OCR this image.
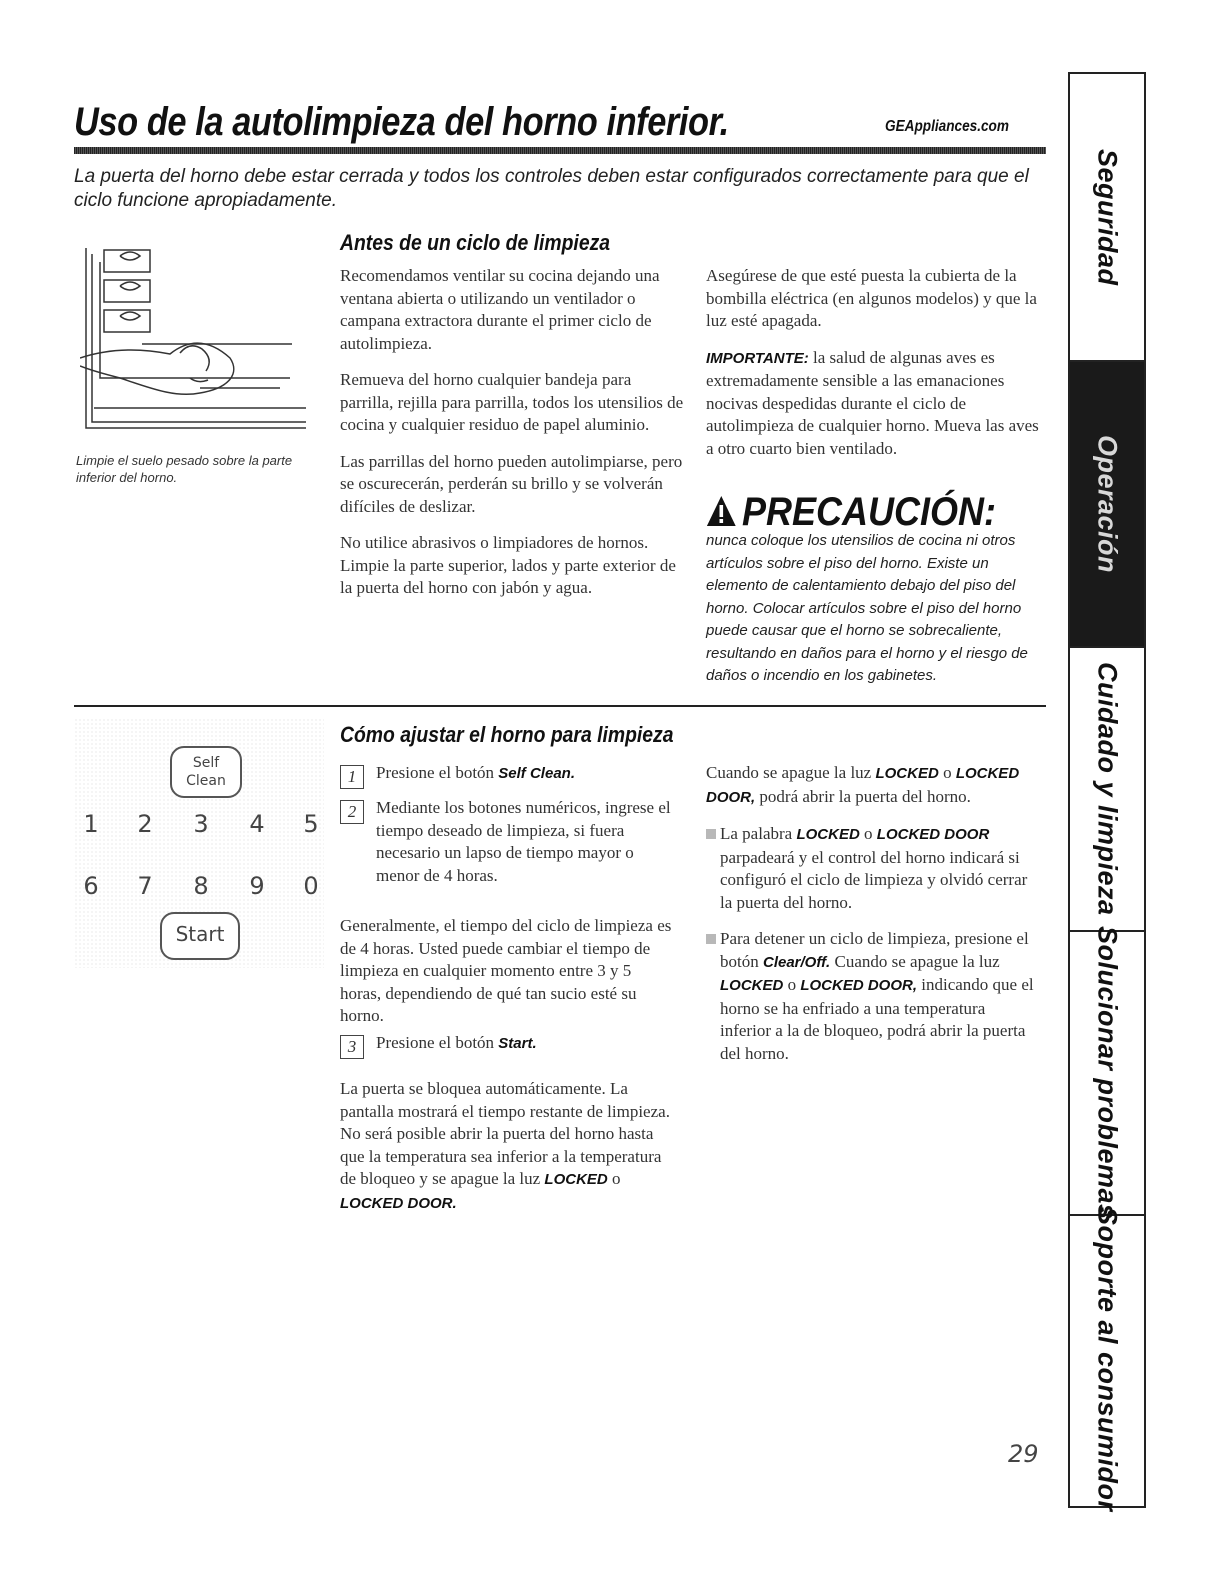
Uso de la autolimpieza del horno inferior.	GEAppliances.com
La puerta del horno debe estar cerrada y todos los controles deben estar configurados correctamente para que el ciclo funcione apropiadamente.
Limpie el suelo pesado sobre la parte inferior del horno.
Antes de un ciclo de limpieza

Recomendamos ventilar su cocina dejando una ventana abierta o utilizando un ventilador o campana extractora durante el primer ciclo de autolimpieza.

Remueva del horno cualquier bandeja para parrilla, rejilla para parrilla, todos los utensilios de cocina y cualquier residuo de papel aluminio.

Las parrillas del horno pueden autolimpiarse, pero se oscurecerán, perderán su brillo y se volverán difíciles de deslizar.

No utilice abrasivos o limpiadores de hornos. Limpie la parte superior, lados y parte exterior de la puerta del horno con jabón y agua.

Asegúrese de que esté puesta la cubierta de la bombilla eléctrica (en algunos modelos) y que la luz esté apagada.

IMPORTANTE: la salud de algunas aves es extremadamente sensible a las emanaciones nocivas despedidas durante el ciclo de autolimpieza de cualquier horno. Mueva las aves a otro cuarto bien ventilado.

PRECAUCIÓN:
nunca coloque los utensilios de cocina ni otros artículos sobre el piso del horno. Existe un elemento de calentamiento debajo del piso del horno. Colocar artículos sobre el piso del horno puede causar que el horno se sobrecaliente, resultando en daños para el horno y el riesgo de daños o incendio en los gabinetes.
Self
Clean
1	2	3	4	5
6	7	8	9	0
Start
Cómo ajustar el horno para limpieza
1	Presione el botón Self Clean.
2	Mediante los botones numéricos, ingrese el tiempo deseado de limpieza, si fuera necesario un lapso de tiempo mayor o menor de 4 horas.
Generalmente, el tiempo del ciclo de limpieza es de 4 horas. Usted puede cambiar el tiempo de limpieza en cualquier momento entre 3 y 5 horas, dependiendo de qué tan sucio esté su horno.
3	Presione el botón Start.
La puerta se bloquea automáticamente. La pantalla mostrará el tiempo restante de limpieza. No será posible abrir la puerta del horno hasta que la temperatura sea inferior a la temperatura de bloqueo y se apague la luz LOCKED o LOCKED DOOR.

Cuando se apague la luz LOCKED o LOCKED DOOR, podrá abrir la puerta del horno.

La palabra LOCKED o LOCKED DOOR parpadeará y el control del horno indicará si configuró el ciclo de limpieza y olvidó cerrar la puerta del horno.

Para detener un ciclo de limpieza, presione el botón Clear/Off. Cuando se apague la luz LOCKED o LOCKED DOOR, indicando que el horno se ha enfriado a una temperatura inferior a la de bloqueo, podrá abrir la puerta del horno.

Seguridad
Operación
Cuidado y limpieza
Solucionar problemas
Soporte al consumidor
29
